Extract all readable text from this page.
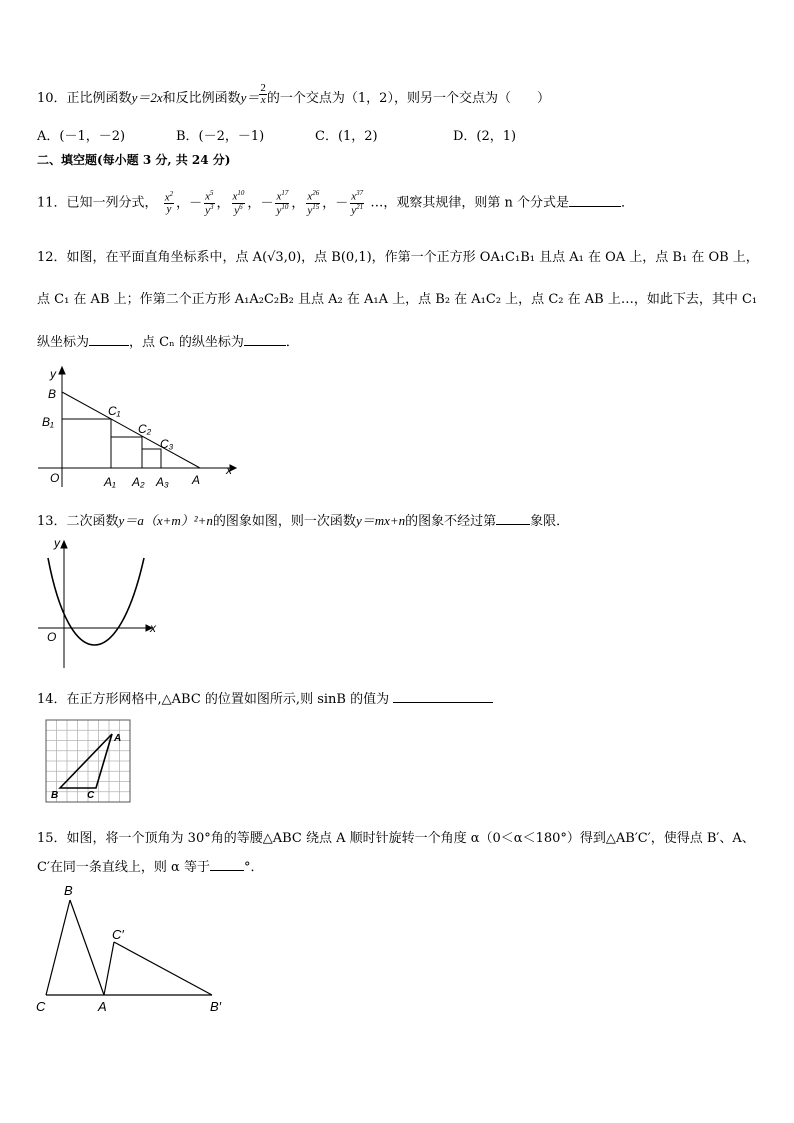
10．正比例函数y＝2x和反比例函数$y= \frac{2}{x}$ 的一个交点为（1，2），则另一个交点为（　　）
A．(－1，－2)	B．(－2，－1)	C．(1，2)	D．(2，1)
二、填空题(每小题 3 分, 共 24 分)
11．已知一列分式， $\frac{x^2}{y}$ ，－ $\frac{x^5}{y^3}$ ， $\frac{x^{10}}{y^6}$ ，－ $\frac{x^{17}}{y^{10}}$ ， $\frac{x^{26}}{y^{15}}$ ，－ $\frac{x^{37}}{y^{21}}$ …，观察其规律，则第 n 个分式是	．
12．如图，在平面直角坐标系中，点 A(√3,0)，点 B(0,1)，作第一个正方形 OA₁C₁B₁ 且点 A₁ 在 OA 上，点 B₁ 在 OB 上，
点 C₁ 在 AB 上；作第二个正方形 A₁A₂C₂B₂ 且点 A₂ 在 A₁A 上，点 B₂ 在 A₁C₂ 上，点 C₂ 在 AB 上…，如此下去，其中 C₁
纵坐标为	，点 Cₙ 的纵坐标为	．
y
x
B
B₁
O
C₁
C₂
C₃
A₁ A₂ A₃ A
13．二次函数y＝a（x+m）²+n的图象如图，则一次函数y＝mx+n的图象不经过第	象限．
y
x
O
14．在正方形网格中,△ABC 的位置如图所示,则 sinB 的值为
A
B	C
15．如图，将一个顶角为 30°角的等腰△ABC 绕点 A 顺时针旋转一个角度 α（0＜α＜180°）得到△AB′C′，使得点 B′、A、
C′在同一条直线上，则 α 等于	°．
B
C′
C	A	B′
